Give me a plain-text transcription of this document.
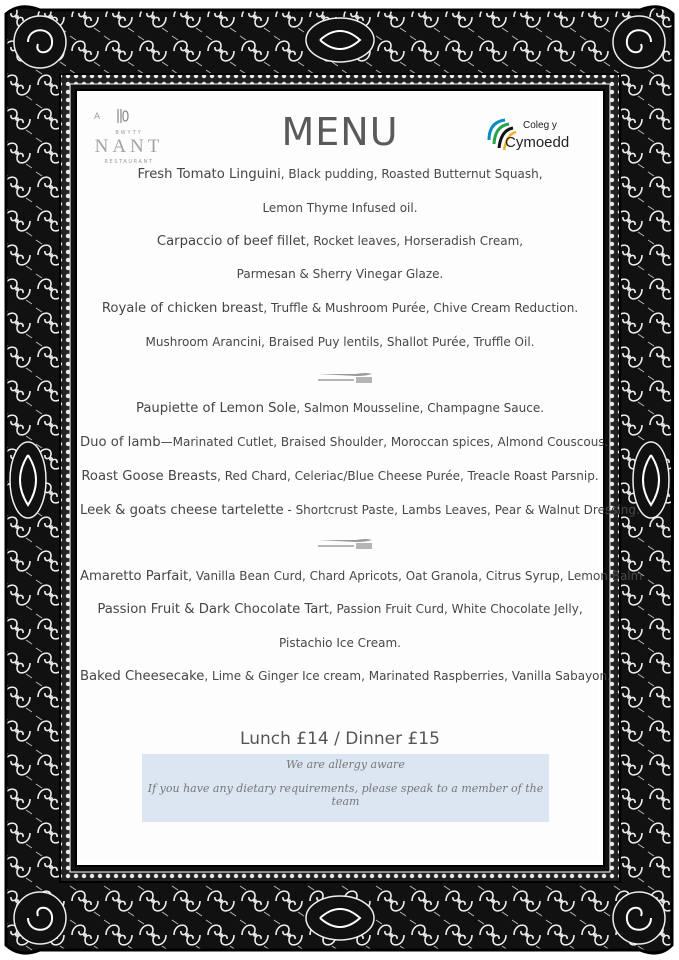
A
BWYTY
NANT
RESTAURANT
MENU	Coleg y
Cymoedd
Fresh Tomato Linguini, Black pudding, Roasted Butternut Squash,
Lemon Thyme Infused oil.
Carpaccio of beef fillet, Rocket leaves, Horseradish Cream,
Parmesan & Sherry Vinegar Glaze.
Royale of chicken breast, Truffle & Mushroom Purée, Chive Cream Reduction.
Mushroom Arancini, Braised Puy lentils, Shallot Purée, Truffle Oil.
Paupiette of Lemon Sole, Salmon Mousseline, Champagne Sauce.
Duo of lamb—Marinated Cutlet, Braised Shoulder, Moroccan spices, Almond Couscous.
Roast Goose Breasts, Red Chard, Celeriac/Blue Cheese Purée, Treacle Roast Parsnip.
Leek & goats cheese tartelette - Shortcrust Paste, Lambs Leaves, Pear & Walnut Dressing.
Amaretto Parfait, Vanilla Bean Curd, Chard Apricots, Oat Granola, Citrus Syrup, Lemon Balm
Passion Fruit & Dark Chocolate Tart, Passion Fruit Curd, White Chocolate Jelly,
Pistachio Ice Cream.
Baked Cheesecake, Lime & Ginger Ice cream, Marinated Raspberries, Vanilla Sabayon.
Lunch £14 / Dinner £15
We are allergy aware
If you have any dietary requirements, please speak to a member of the team
